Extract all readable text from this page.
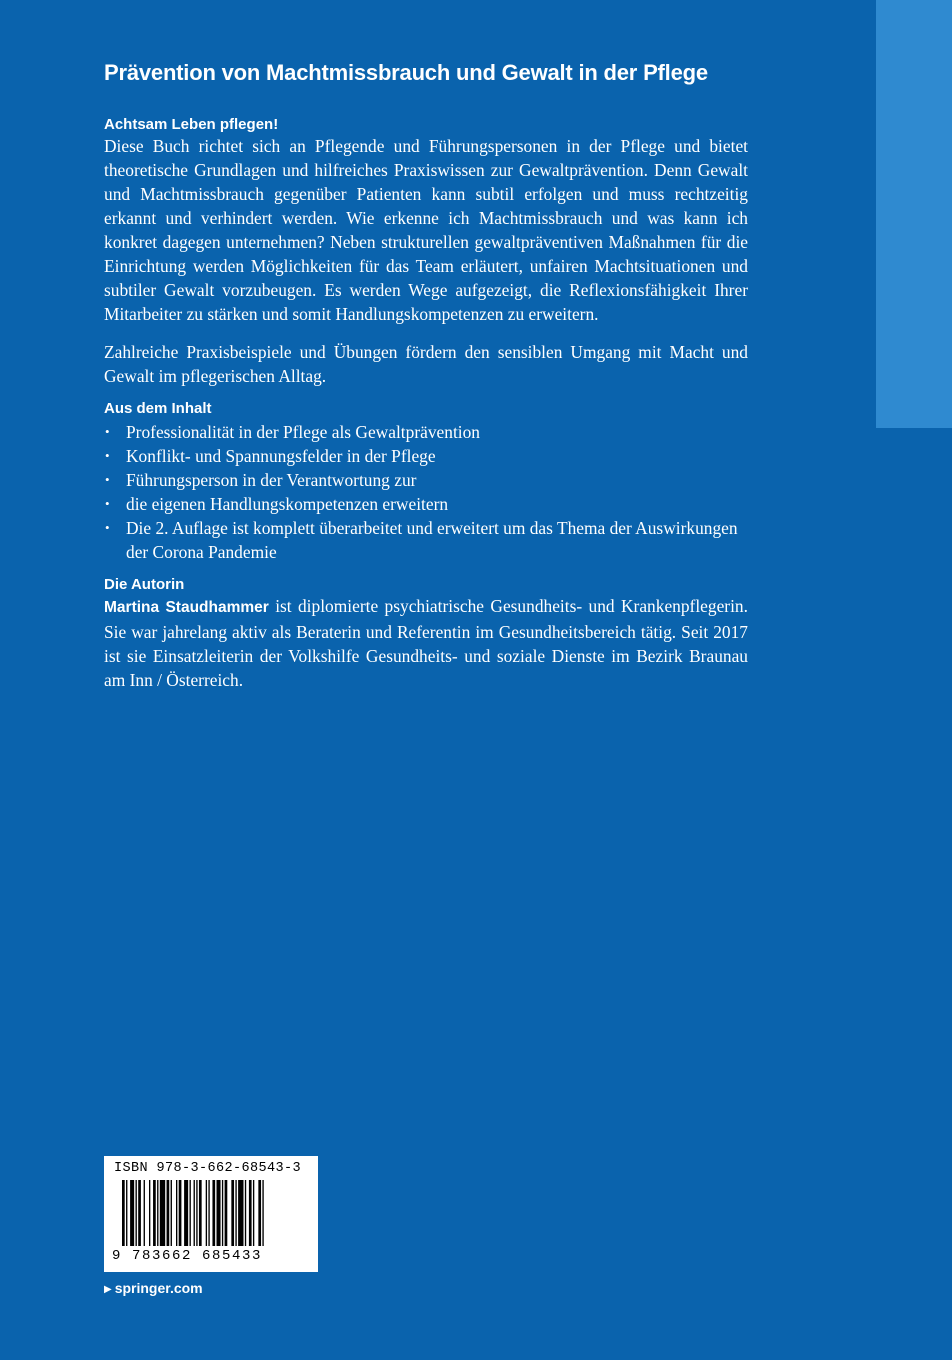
Prävention von Machtmissbrauch und Gewalt in der Pflege

Achtsam Leben pflegen!

Diese Buch richtet sich an Pflegende und Führungspersonen in der Pflege und bietet theoretische Grundlagen und hilfreiches Praxiswissen zur Gewaltprävention. Denn Gewalt und Machtmissbrauch gegenüber Patienten kann subtil erfolgen und muss rechtzeitig erkannt und verhindert werden. Wie erkenne ich Machtmissbrauch und was kann ich konkret dagegen unternehmen? Neben strukturellen gewaltpräventiven Maßnahmen für die Einrichtung werden Möglichkeiten für das Team erläutert, unfairen Machtsituationen und subtiler Gewalt vorzubeugen. Es werden Wege aufgezeigt, die Reflexionsfähigkeit Ihrer Mitarbeiter zu stärken und somit Handlungskompetenzen zu erweitern.

Zahlreiche Praxisbeispiele und Übungen fördern den sensiblen Umgang mit Macht und Gewalt im pflegerischen Alltag.

Aus dem Inhalt

• Professionalität in der Pflege als Gewaltprävention
• Konflikt- und Spannungsfelder in der Pflege
• Führungsperson in der Verantwortung zur
• die eigenen Handlungskompetenzen erweitern
• Die 2. Auflage ist komplett überarbeitet und erweitert um das Thema der Auswirkungen der Corona Pandemie

Die Autorin

Martina Staudhammer ist diplomierte psychiatrische Gesundheits- und Krankenpflegerin. Sie war jahrelang aktiv als Beraterin und Referentin im Gesundheitsbereich tätig. Seit 2017 ist sie Einsatzleiterin der Volkshilfe Gesundheits- und soziale Dienste im Bezirk Braunau am Inn / Österreich.

ISBN 978-3-662-68543-3
9 783662 685433
▶ springer.com
